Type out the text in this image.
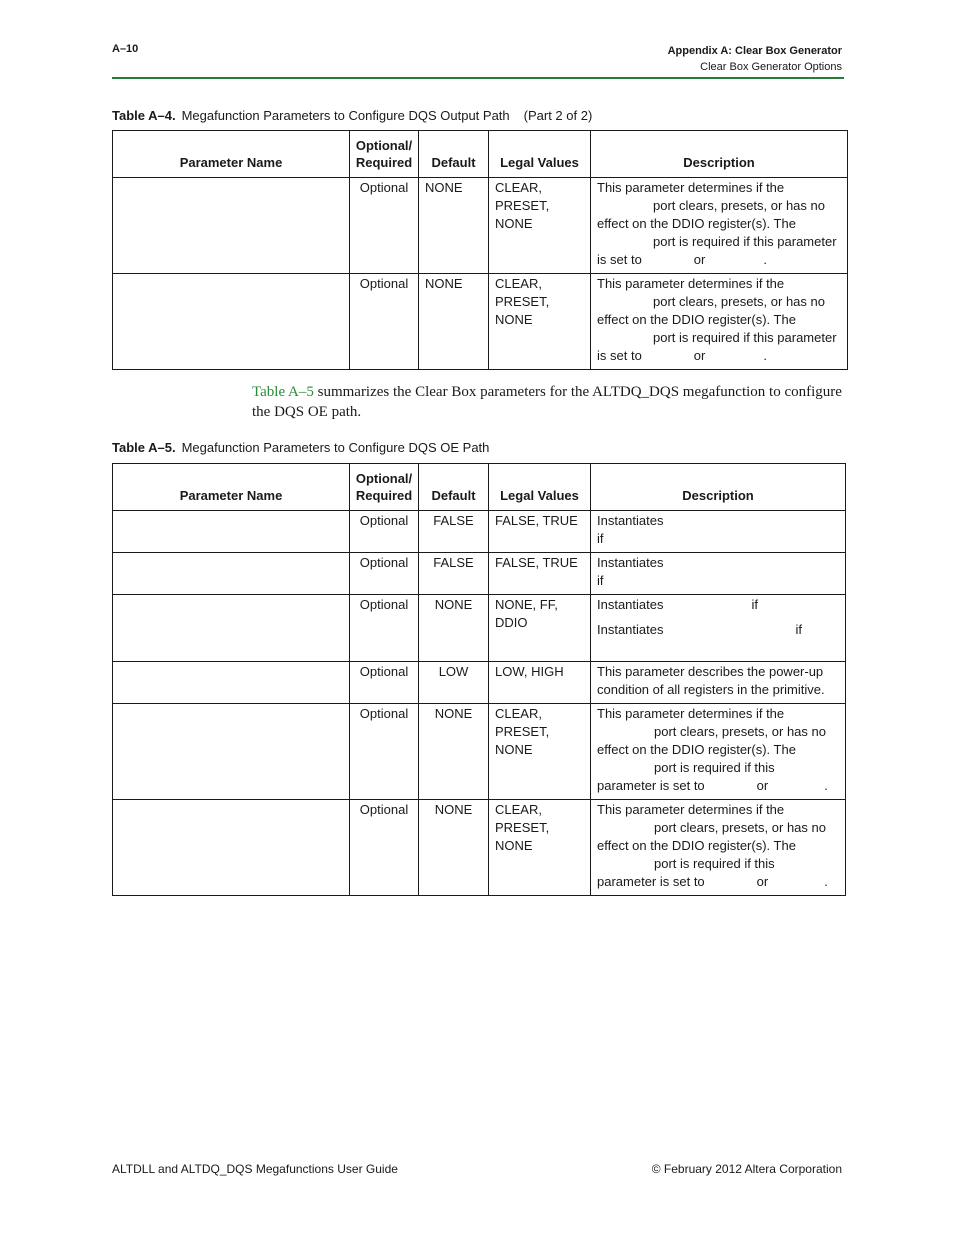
A–10	Appendix A: Clear Box Generator
Clear Box Generator Options
Table A–4. Megafunction Parameters to Configure DQS Output Path (Part 2 of 2)
Parameter Name	Optional/
Required	Default	Legal Values	Description
	Optional	NONE	CLEAR,
PRESET, NONE	This parameter determines if the
port clears, presets, or has no
effect on the DDIO register(s). The
port is required if this parameter
is set to or .

	Optional	NONE	CLEAR,
PRESET, NONE	This parameter determines if the
port clears, presets, or has no
effect on the DDIO register(s). The
port is required if this parameter
is set to or .
Table A–5 summarizes the Clear Box parameters for the ALTDQ_DQS megafunction to configure the DQS OE path.
Table A–5. Megafunction Parameters to Configure DQS OE Path
Parameter Name	Optional/
Required	Default	Legal Values	Description
	Optional	FALSE	FALSE, TRUE	Instantiates
if

	Optional	FALSE	FALSE, TRUE	Instantiates
if

	Optional	NONE	NONE, FF,
DDIO	Instantiates if
Instantiates if

	Optional	LOW	LOW, HIGH	This parameter describes the power-up
condition of all registers in the primitive.

	Optional	NONE	CLEAR,
PRESET, NONE	This parameter determines if the
port clears, presets, or has no
effect on the DDIO register(s). The
port is required if this
parameter is set to or .

	Optional	NONE	CLEAR,
PRESET, NONE	This parameter determines if the
port clears, presets, or has no
effect on the DDIO register(s). The
port is required if this
parameter is set to or .
ALTDLL and ALTDQ_DQS Megafunctions User Guide	© February 2012 Altera Corporation
